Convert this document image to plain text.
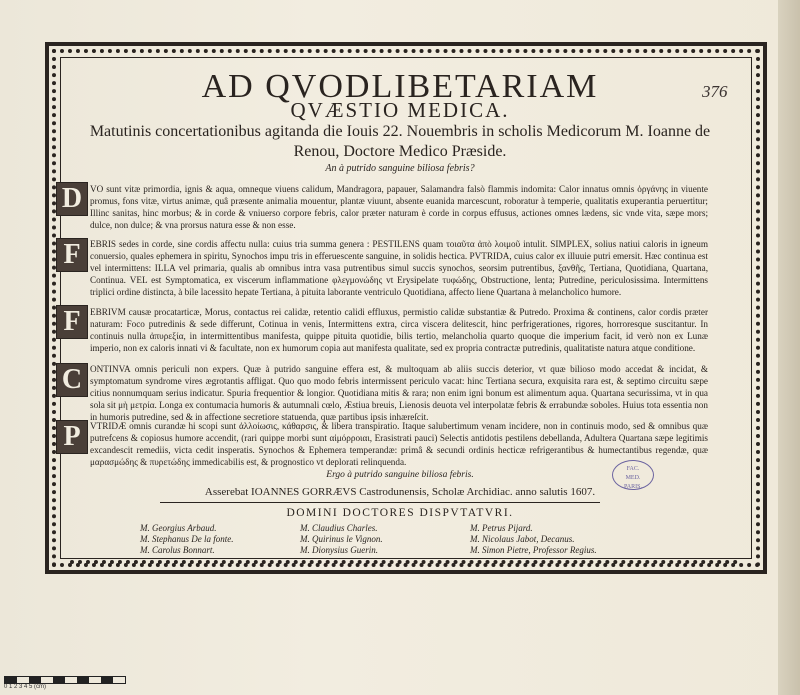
376
AD QVODLIBETARIAM
QVÆSTIO MEDICA.
Matutinis concertationibus agitanda die Iouis 22. Nouembris in scholis Medicorum M. Ioanne de Renou, Doctore Medico Præside.
An à putrido sanguine biliosa febris?
D VO sunt vitæ primordia, ignis & aqua, omneque viuens calidum, Mandragora, papauer, Salamandra falsò flammis indomita: Calor innatus omnis ὀργάνης in viuente promus, fons vitæ, virtus animæ, quâ præsente animalia mouentur, plantæ viuunt, absente euanida marcescunt, roboratur à temperie, qualitatis exuperantia peruertitur; Illinc sanitas, hinc morbus; & in corde & vniuerso corpore febris, calor præter naturam è corde in corpus effusus, actiones omnes lædens, sic vnde vita, sæpe mors; dulce, non dulce; & vna prorsus natura esse & non esse.
F	EBRIS sedes in corde, sine cordis affectu nulla: cuius tria summa genera : PESTILENS quam τοιαῦτα ἀπὸ λοιμοῦ intulit. SIMPLEX, solius natiui caloris in igneum conuersio, quales ephemera in spiritu, Synochos impu tris in efferuescente sanguine, in solidis hectica. PVTRIDA, cuius calor ex illuuie putri emersit. Hæc continua est vel intermittens: ILLA vel primaria, qualis ab omnibus intra vasa putrentibus simul succis synochos, seorsim putrentibus, ξανθῆς, Tertiana, Quotidiana, Quartana, Continua. VEL est Symptomatica, ex viscerum inflammatione φλεγμονώδης vt Erysipelate τυφώδης, Obstructione, lenta; Putredine, periculosissima. Intermittens triplici ordine distincta, à bile lacessito hepate Tertiana, à pituita laborante ventriculo Quotidiana, affecto liene Quartana à melancholico humore.
F	EBRIVM causæ procatarticæ, Morus, contactus rei calidæ, retentio calidi effluxus, permistio calidæ substantiæ & Putredo. Proxima & continens, calor cordis præter naturam: Foco putredinis & sede differunt, Cotinua in venis, Intermittens extra, circa viscera delitescit, hinc perfrigerationes, rigores, horroresque suscitantur. In continuis nulla ἀπυρεξία, in intermittentibus manifesta, quippe pituita quotidie, bilis tertio, melancholia quarto quoque die imperium facit, id verò non ex Lunæ imperio, non ex caloris innati vi & facultate, non ex humorum copia aut manifesta qualitate, sed ex propria contractæ putredinis, qualitatiste natura atque conditione.
C ONTINVA omnis periculi non expers. Quæ à putrido sanguine effera est, & multoquam ab aliis succis deterior, vt quæ bilioso modo accedat & incidat, & symptomatum syndrome vires ægrotantis affligat. Quo quo modo febris intermissent periculo vacat: hinc Tertiana secura, exquisita rara est, & septimo circuitu sæpe citius nonnumquam serius indicatur. Spuria frequentior & longior. Quotidiana mitis & rara; non enim igni bonum est alimentum aqua. Quartana securissima, vt in qua sola sit μὴ μετρία. Longa ex contumacia humoris & autumnali cœlo, Æstiua breuis, Lienosis deuota vel interpolatæ febris & errabundæ soboles. Huius tota essentia non in humoris putredine, sed & in affectione secretiore statuenda, quæ partibus ipsis inhæreſcit.
P	VTRIDÆ omnis curandæ hi scopi sunt ἀλλοίωσις, κάθαρσις, & libera transpiratio. Itaque salubertimum venam incidere, non in continuis modo, sed & omnibus quæ putrefcens & copiosus humore accendit, (rari quippe morbi sunt αἱμόρροιαι, Erasistrati pauci) Selectis antidotis pestilens debellanda, Adultera Quartana sæpe legitimis excandescit remediis, victa cedit insperatis. Synochos & Ephemera temperandæ: primâ & secundi ordinis hecticæ refrigerantibus & humectantibus regendæ, quæ μαρασμώδης & πυρετώδης immedicabilis est, & prognostico vt deplorati relinquenda.
Ergo à putrido sanguine biliosa febris.
FAC.
MED.
PARIS.
Asserebat IOANNES GORRÆVS Castrodunensis, Scholæ Archidiac. anno salutis 1607.
DOMINI DOCTORES DISPVTATVRI.
M. Georgius Arbaud.	M. Claudius Charles.	M. Petrus Pijard.
M. Stephanus De la fonte.	M. Quirinus le Vignon.	M. Nicolaus Jabot, Decanus.
M. Carolus Bonnart.	M. Dionysius Guerin.	M. Simon Pietre, Professor Regius.
0 1 2 3 4 5 (cm)
